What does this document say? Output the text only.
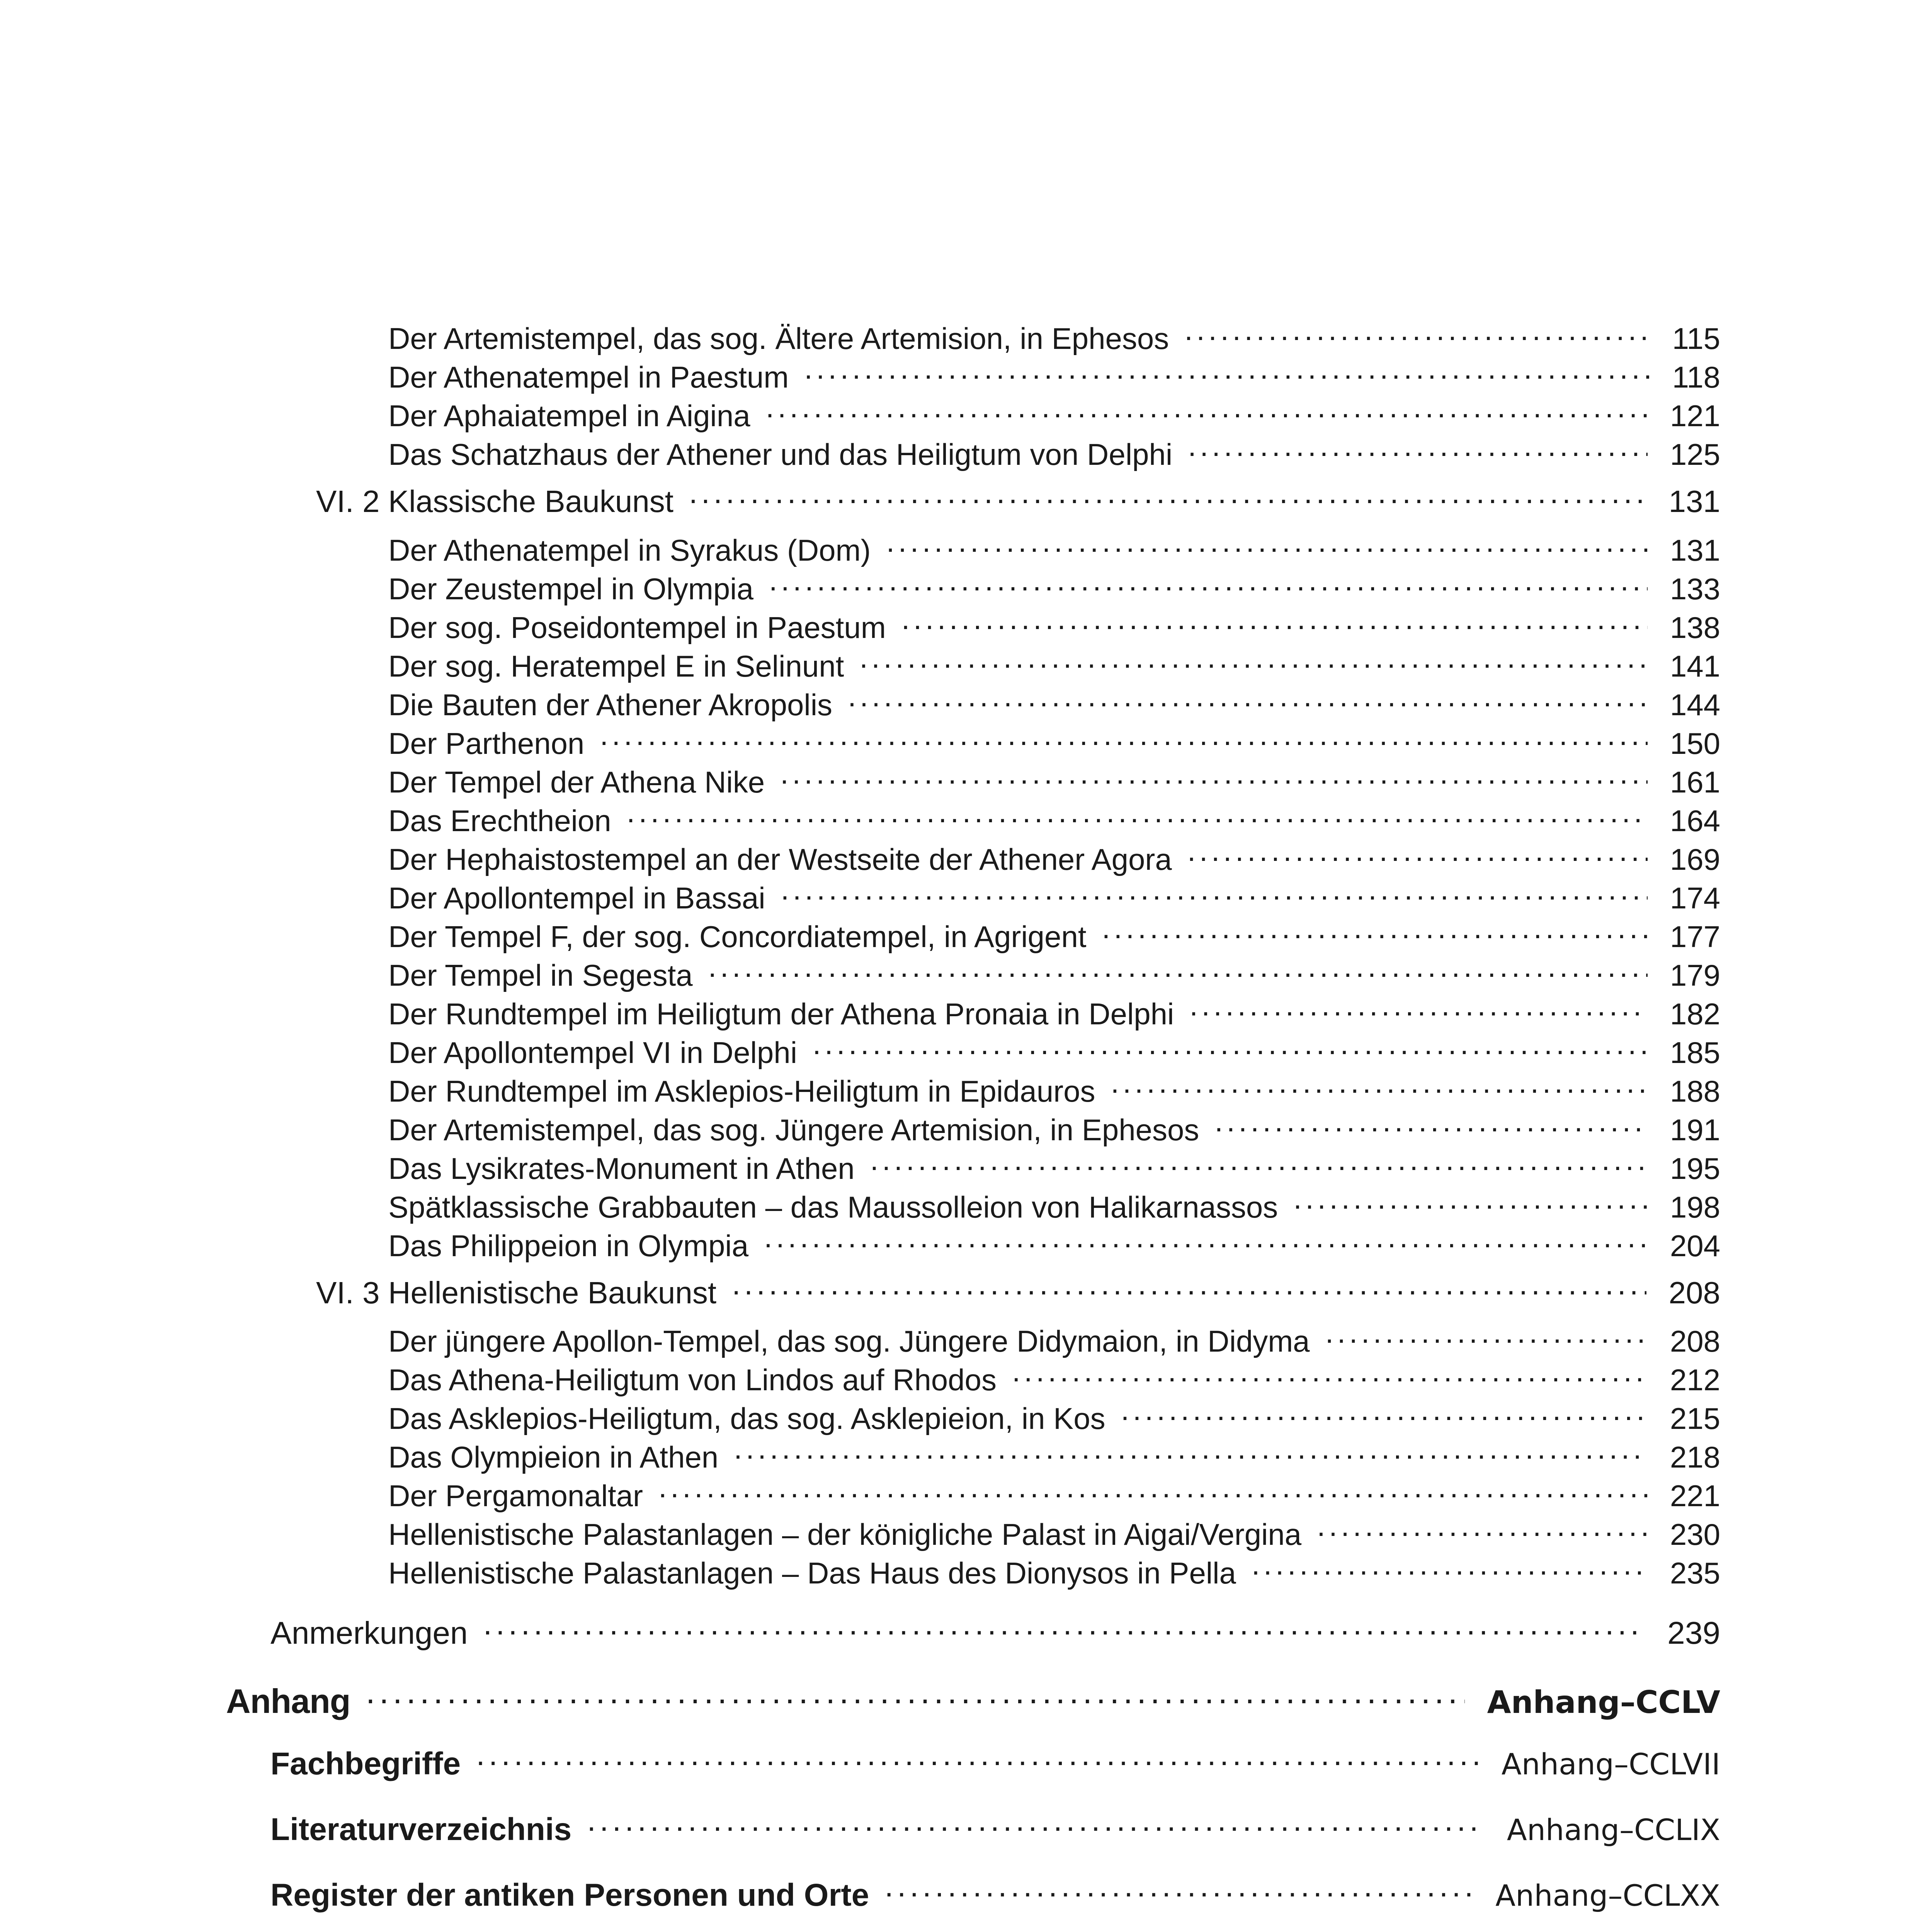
Der Artemistempel, das sog. Ältere Artemision, in Ephesos .....	115
Der Athenatempel in Paestum .....	118
Der Aphaiatempel in Aigina .....	121
Das Schatzhaus der Athener und das Heiligtum von Delphi .....	125
VI. 2 Klassische Baukunst .....	131
Der Athenatempel in Syrakus (Dom) .....	131
Der Zeustempel in Olympia .....	133
Der sog. Poseidontempel in Paestum .....	138
Der sog. Heratempel E in Selinunt .....	141
Die Bauten der Athener Akropolis .....	144
Der Parthenon .....	150
Der Tempel der Athena Nike .....	161
Das Erechtheion .....	164
Der Hephaistostempel an der Westseite der Athener Agora .....	169
Der Apollontempel in Bassai .....	174
Der Tempel F, der sog. Concordiatempel, in Agrigent .....	177
Der Tempel in Segesta .....	179
Der Rundtempel im Heiligtum der Athena Pronaia in Delphi .....	182
Der Apollontempel VI in Delphi .....	185
Der Rundtempel im Asklepios-Heiligtum in Epidauros .....	188
Der Artemistempel, das sog. Jüngere Artemision, in Ephesos .....	191
Das Lysikrates-Monument in Athen .....	195
Spätklassische Grabbauten – das Maussolleion von Halikarnassos .....	198
Das Philippeion in Olympia .....	204
VI. 3 Hellenistische Baukunst .....	208
Der jüngere Apollon-Tempel, das sog. Jüngere Didymaion, in Didyma .....	208
Das Athena-Heiligtum von Lindos auf Rhodos .....	212
Das Asklepios-Heiligtum, das sog. Asklepieion, in Kos .....	215
Das Olympieion in Athen .....	218
Der Pergamonaltar .....	221
Hellenistische Palastanlagen – der königliche Palast in Aigai/Vergina .....	230
Hellenistische Palastanlagen – Das Haus des Dionysos in Pella .....	235
Anmerkungen .....	239
Anhang .....	Anhang–CCLV
Fachbegriffe .....	Anhang–CCLVII
Literaturverzeichnis .....	Anhang–CCLIX
Register der antiken Personen und Orte .....	Anhang–CCLXX
